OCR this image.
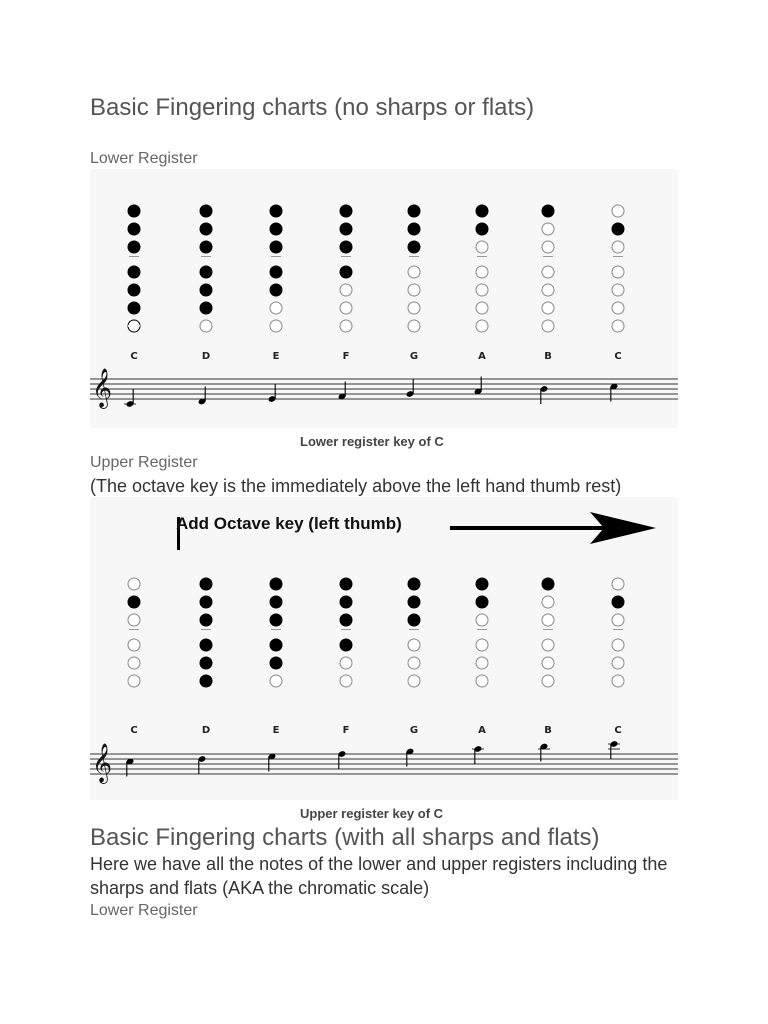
Basic Fingering charts (no sharps or flats)
Lower Register
C	D	E	F	G	A	B	C
𝄞
Lower register key of C
Upper Register
(The octave key is the immediately above the left hand thumb rest)
C	D	E	F	G	A	B	C
𝄞
Add Octave key (left thumb)
Upper register key of C
Basic Fingering charts (with all sharps and flats)
Here we have all the notes of the lower and upper registers including the sharps and flats (AKA the chromatic scale)
Lower Register
